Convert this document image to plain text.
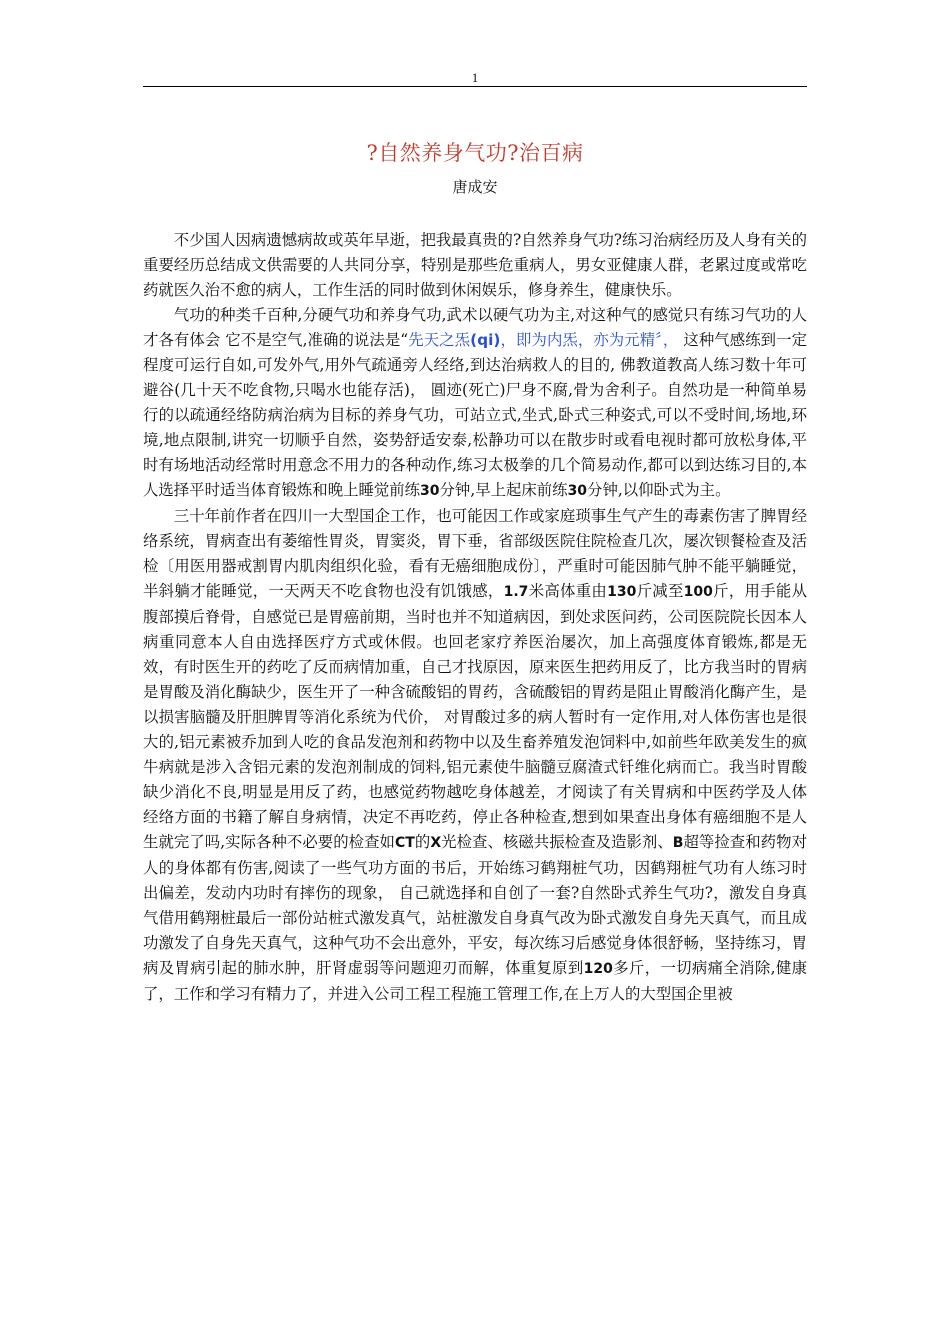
1
?自然养身气功?治百病
唐成安

不少国人因病遗憾病故或英年早逝，把我最真贵的?自然养身气功?练习治病经历及人身有关的重要经历总结成文供需要的人共同分享，特别是那些危重病人，男女亚健康人群，老累过度或常吃药就医久治不愈的病人，工作生活的同时做到休闲娱乐，修身养生，健康快乐。

气功的种类千百种,分硬气功和养身气功,武术以硬气功为主,对这种气的感觉只有练习气功的人才各有体会 它不是空气,准确的说法是“先天之炁(qi)，即为内炁，亦为元精〞， 这种气感练到一定程度可运行自如,可发外气,用外气疏通旁人经络,到达治病救人的目的, 佛教道教高人练习数十年可避谷(几十天不吃食物,只喝水也能存活)， 圓迹(死亡)尸身不腐,骨为舍利子。自然功是一种简单易行的以疏通经络防病治病为目标的养身气功，可站立式,坐式,卧式三种姿式,可以不受时间,场地,环境,地点限制,讲究一切顺乎自然，姿势舒适安泰,松静功可以在散步时或看电视时都可放松身体,平时有场地活动经常时用意念不用力的各种动作,练习太极拳的几个简易动作,都可以到达练习目的,本人选择平时适当体育锻炼和晚上睡觉前练30分钟,早上起床前练30分钟,以仰卧式为主。

三十年前作者在四川一大型国企工作，也可能因工作或家庭琐事生气产生的毒素伤害了脾胃经络系统，胃病查出有萎缩性胃炎，胃窦炎，胃下垂，省部级医院住院检查几次，屡次钡餐检查及活检〔用医用器戒割胃内肌肉组织化验，看有无癌细胞成份〕，严重时可能因肺气肿不能平躺睡觉，半斜躺才能睡觉，一天两天不吃食物也没有饥饿感，1.7米高体重由130斤减至100斤，用手能从腹部摸后脊骨，自感觉已是胃癌前期，当时也并不知道病因，到处求医问药，公司医院院长因本人病重同意本人自由选择医疗方式或休假。也回老家疗养医治屡次，加上高强度体育锻炼,都是无效，有时医生开的药吃了反而病情加重，自己才找原因，原来医生把药用反了，比方我当时的胃病是胃酸及消化酶缺少，医生开了一种含硫酸铝的胃药，含硫酸铝的胃药是阻止胃酸消化酶产生，是以损害脑髓及肝胆脾胃等消化系统为代价， 对胃酸过多的病人暂时有一定作用,对人体伤害也是很大的,铝元素被乔加到人吃的食品发泡剂和药物中以及生畜养殖发泡饲料中,如前些年欧美发生的疯牛病就是涉入含铝元素的发泡剂制成的饲料,铝元素使牛脑髓豆腐渣式钎维化病而亡。我当时胃酸缺少消化不良,明显是用反了药，也感觉药物越吃身体越差，才阅读了有关胃病和中医药学及人体经络方面的书籍了解自身病情，决定不再吃药，停止各种检查,想到如果查出身体有癌细胞不是人生就完了吗,实际各种不必要的检查如CT的X光检查、核磁共振检查及造影剂、B超等捡查和药物对人的身体都有伤害,阅读了一些气功方面的书后，开始练习鹤翔桩气功，因鹤翔桩气功有人练习时出偏差，发动内功时有摔伤的现象， 自己就选择和自创了一套?自然卧式养生气功?，激发自身真气借用鹤翔桩最后一部份站桩式激发真气，站桩激发自身真气改为卧式激发自身先天真气，而且成功激发了自身先天真气，这种气功不会出意外，平安，每次练习后感觉身体很舒畅，坚持练习，胃病及胃病引起的肺水肿，肝肾虚弱等问题迎刃而解，体重复原到120多斤，一切病痛全消除,健康了，工作和学习有精力了，并进入公司工程工程施工管理工作,在上万人的大型国企里被
